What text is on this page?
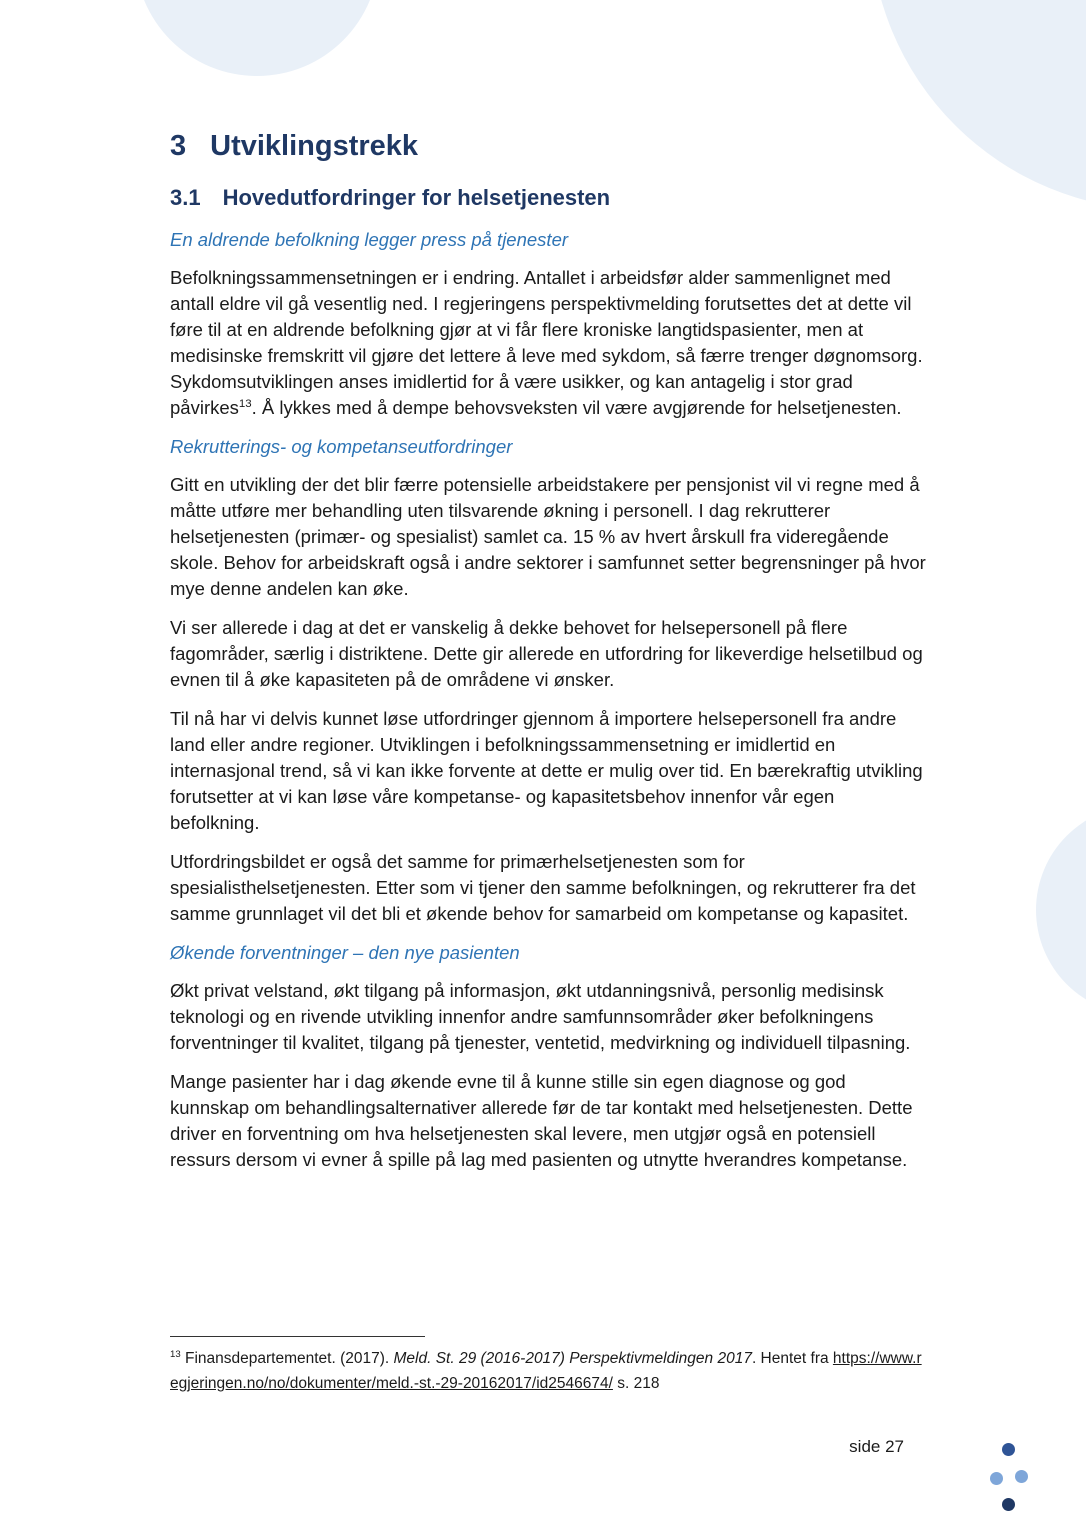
3 Utviklingstrekk
3.1 Hovedutfordringer for helsetjenesten
En aldrende befolkning legger press på tjenester

Befolkningssammensetningen er i endring. Antallet i arbeidsfør alder sammenlignet med antall eldre vil gå vesentlig ned. I regjeringens perspektivmelding forutsettes det at dette vil føre til at en aldrende befolkning gjør at vi får flere kroniske langtidspasienter, men at medisinske fremskritt vil gjøre det lettere å leve med sykdom, så færre trenger døgnomsorg. Sykdomsutviklingen anses imidlertid for å være usikker, og kan antagelig i stor grad påvirkes$^{13}$. Å lykkes med å dempe behovsveksten vil være avgjørende for helsetjenesten.

Rekrutterings- og kompetanseutfordringer

Gitt en utvikling der det blir færre potensielle arbeidstakere per pensjonist vil vi regne med å måtte utføre mer behandling uten tilsvarende økning i personell. I dag rekrutterer helsetjenesten (primær- og spesialist) samlet ca. 15 % av hvert årskull fra videregående skole. Behov for arbeidskraft også i andre sektorer i samfunnet setter begrensninger på hvor mye denne andelen kan øke.

Vi ser allerede i dag at det er vanskelig å dekke behovet for helsepersonell på flere fagområder, særlig i distriktene. Dette gir allerede en utfordring for likeverdige helsetilbud og evnen til å øke kapasiteten på de områdene vi ønsker.

Til nå har vi delvis kunnet løse utfordringer gjennom å importere helsepersonell fra andre land eller andre regioner. Utviklingen i befolkningssammensetning er imidlertid en internasjonal trend, så vi kan ikke forvente at dette er mulig over tid. En bærekraftig utvikling forutsetter at vi kan løse våre kompetanse- og kapasitetsbehov innenfor vår egen befolkning.

Utfordringsbildet er også det samme for primærhelsetjenesten som for spesialisthelsetjenesten. Etter som vi tjener den samme befolkningen, og rekrutterer fra det samme grunnlaget vil det bli et økende behov for samarbeid om kompetanse og kapasitet.

Økende forventninger – den nye pasienten

Økt privat velstand, økt tilgang på informasjon, økt utdanningsnivå, personlig medisinsk teknologi og en rivende utvikling innenfor andre samfunnsområder øker befolkningens forventninger til kvalitet, tilgang på tjenester, ventetid, medvirkning og individuell tilpasning.

Mange pasienter har i dag økende evne til å kunne stille sin egen diagnose og god kunnskap om behandlingsalternativer allerede før de tar kontakt med helsetjenesten. Dette driver en forventning om hva helsetjenesten skal levere, men utgjør også en potensiell ressurs dersom vi evner å spille på lag med pasienten og utnytte hverandres kompetanse.

$^{13}$ Finansdepartementet. (2017). Meld. St. 29 (2016-2017) Perspektivmeldingen 2017. Hentet fra https://www.regjeringen.no/no/dokumenter/meld.-st.-29-20162017/id2546674/ s. 218

side 27
